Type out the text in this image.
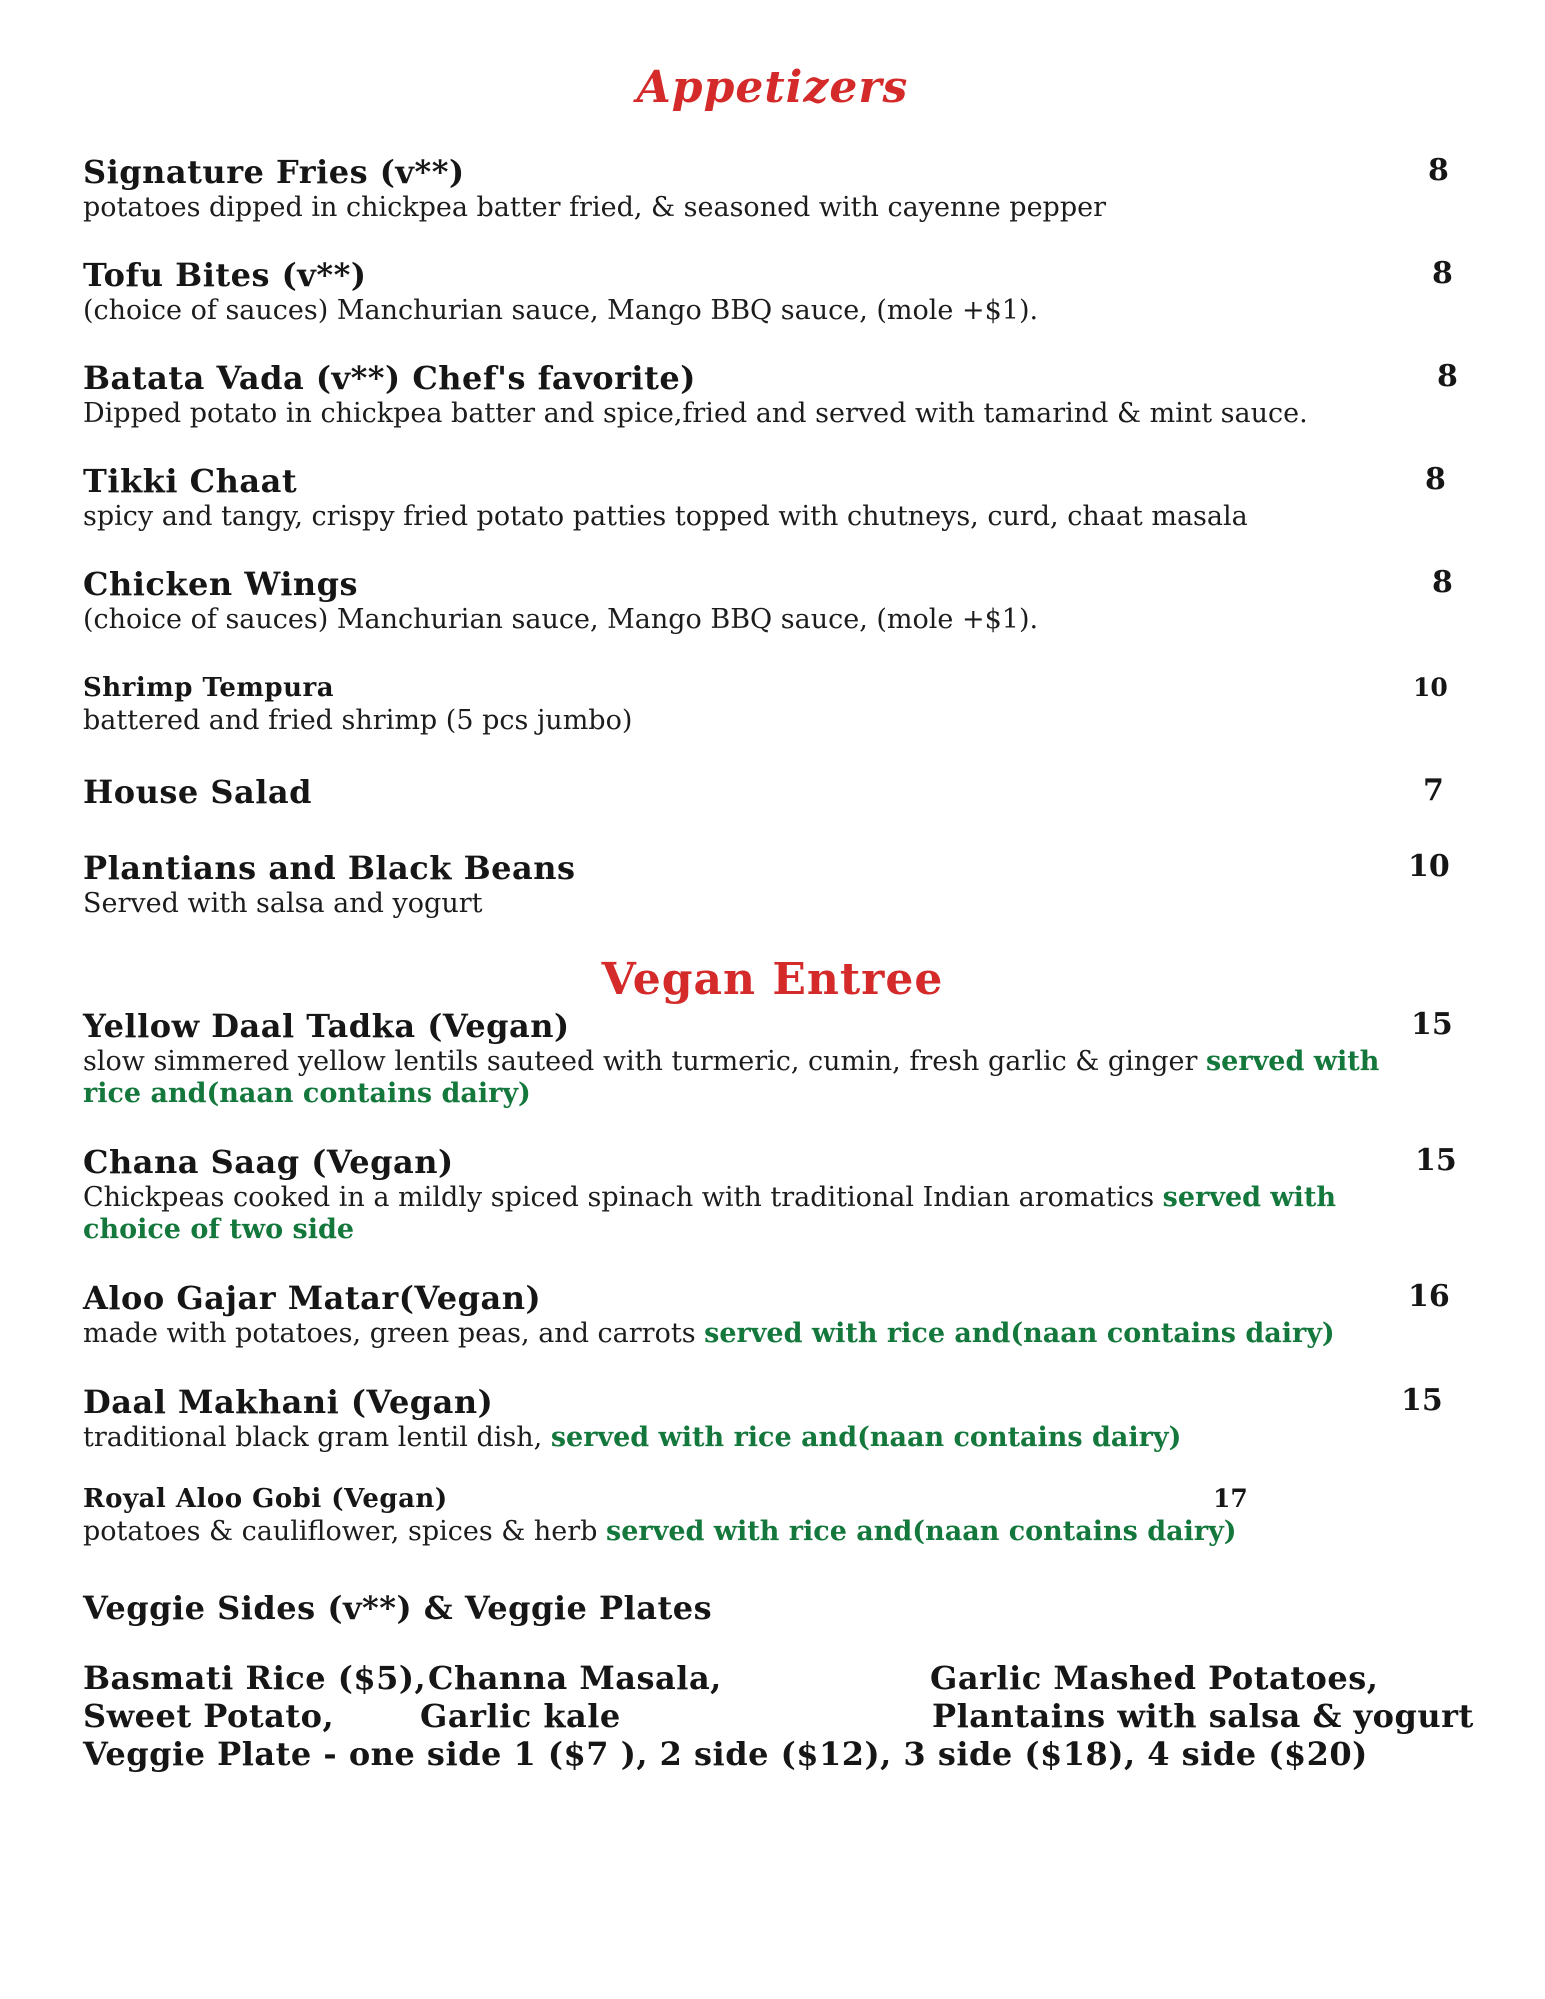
Appetizers
Signature Fries (v**)	8
potatoes dipped in chickpea batter fried, & seasoned with cayenne pepper
Tofu Bites (v**)	8
(choice of sauces) Manchurian sauce, Mango BBQ sauce, (mole +$1).
Batata Vada (v**) Chef's favorite)	8
Dipped potato in chickpea batter and spice,fried and served with tamarind & mint sauce.
Tikki Chaat	8
spicy and tangy, crispy fried potato patties topped with chutneys, curd, chaat masala
Chicken Wings	8
(choice of sauces) Manchurian sauce, Mango BBQ sauce, (mole +$1).
Shrimp Tempura	10
battered and fried shrimp (5 pcs jumbo)
House Salad	7
Plantians and Black Beans	10
Served with salsa and yogurt
Vegan Entree
Yellow Daal Tadka (Vegan)	15
slow simmered yellow lentils sauteed with turmeric, cumin, fresh garlic & ginger served with rice and(naan contains dairy)
Chana Saag (Vegan)	15
Chickpeas cooked in a mildly spiced spinach with traditional Indian aromatics served with choice of two side
Aloo Gajar Matar(Vegan)	16
made with potatoes, green peas, and carrots served with rice and(naan contains dairy)
Daal Makhani (Vegan)	15
traditional black gram lentil dish, served with rice and(naan contains dairy)
Royal Aloo Gobi (Vegan)	17
potatoes & cauliflower, spices & herb served with rice and(naan contains dairy)
Veggie Sides (v**) & Veggie Plates
Basmati Rice ($5), Channa Masala,	Garlic Mashed Potatoes,
Sweet Potato,	Garlic kale	Plantains with salsa & yogurt
Veggie Plate - one side 1 ($7 ), 2 side ($12), 3 side ($18), 4 side ($20)
